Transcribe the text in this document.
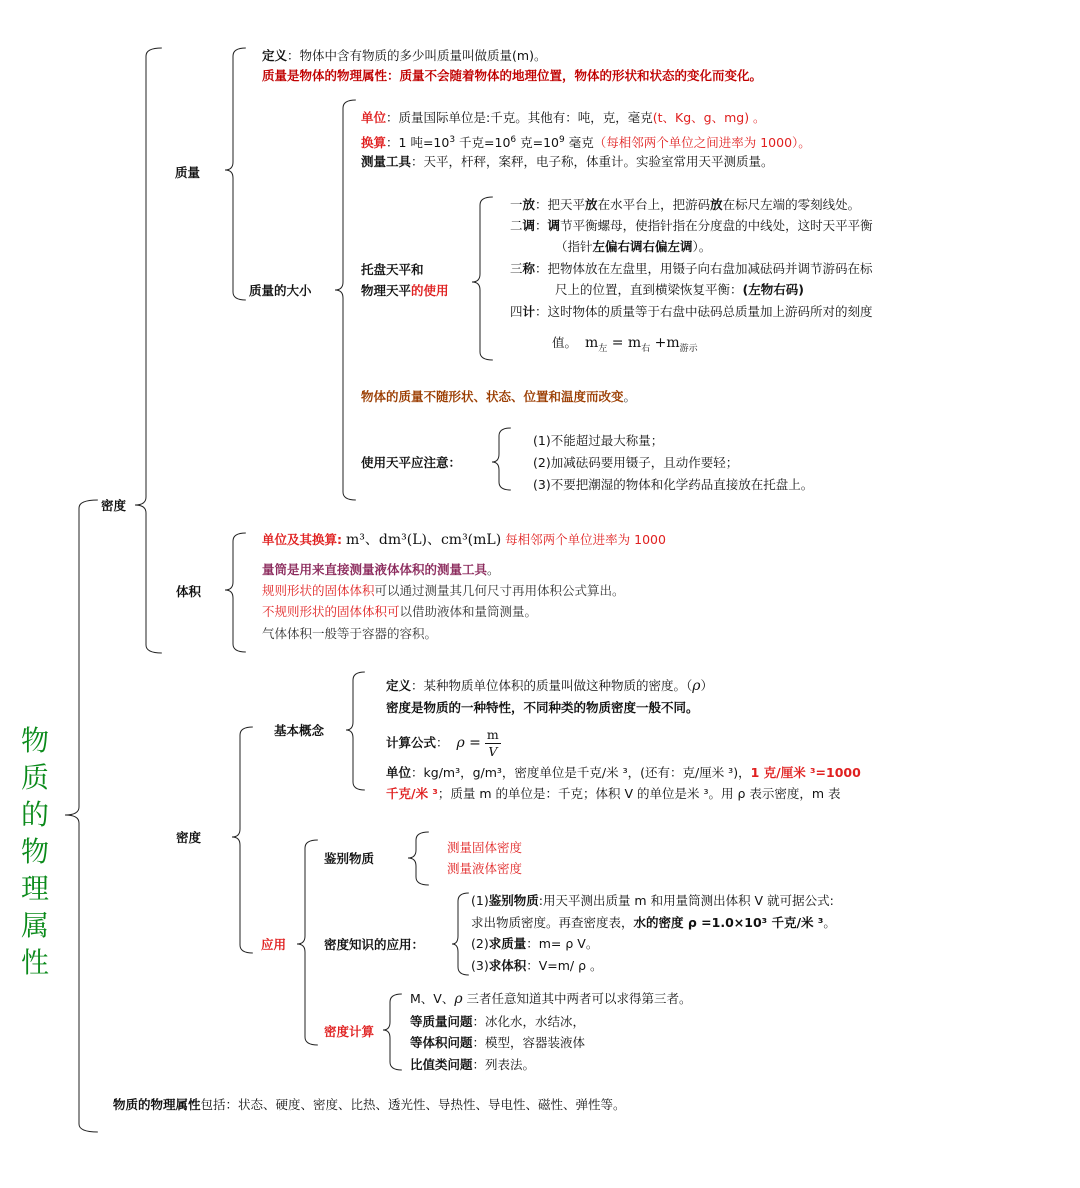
物质的物理属性
密度
质量
质量的大小
托盘天平和
物理天平的使用
使用天平应注意：
体积
密度
基本概念
应用
鉴别物质
密度知识的应用：
密度计算
定义：物体中含有物质的多少叫质量叫做质量(m)。
质量是物体的物理属性：质量不会随着物体的地理位置，物体的形状和状态的变化而变化。
单位：质量国际单位是:千克。其他有：吨，克，毫克(t、Kg、g、mg) 。
换算：1 吨$=10^3$ 千克$=10^6$ 克$=10^9$ 毫克（每相邻两个单位之间进率为 1000）。
测量工具：天平，杆秤，案秤，电子称，体重计。实验室常用天平测质量。
一放：把天平放在水平台上，把游码放在标尺左端的零刻线处。
二调：调节平衡螺母，使指针指在分度盘的中线处，这时天平平衡
（指针左偏右调右偏左调）。
三称：把物体放在左盘里，用镊子向右盘加减砝码并调节游码在标
尺上的位置，直到横梁恢复平衡：(左物右码)
四计：这时物体的质量等于右盘中砝码总质量加上游码所对的刻度
值。 $m_左 = m_右 +m_{游示}$
物体的质量不随形状、状态、位置和温度而改变。
(1)不能超过最大称量；
(2)加减砝码要用镊子，且动作要轻；
(3)不要把潮湿的物体和化学药品直接放在托盘上。
单位及其换算: m³、dm³(L)、cm³(mL) 每相邻两个单位进率为 1000
量筒是用来直接测量液体体积的测量工具。
规则形状的固体体积可以通过测量其几何尺寸再用体积公式算出。
不规则形状的固体体积可以借助液体和量筒测量。
气体体积一般等于容器的容积。
定义：某种物质单位体积的质量叫做这种物质的密度。（ρ）
密度是物质的一种特性，不同种类的物质密度一般不同。
计算公式： $\rho = \frac{m}{V}$
单位：kg/m³，g/m³，密度单位是千克/米 ³，(还有：克/厘米 ³)，1 克/厘米 ³=1000
千克/米 ³；质量 m 的单位是：千克；体积 V 的单位是米 ³。用 ρ 表示密度，m 表
测量固体密度
测量液体密度
(1)鉴别物质:用天平测出质量 m 和用量筒测出体积 V 就可据公式:
求出物质密度。再查密度表，水的密度 ρ =1.0×10³ 千克/米 ³。
(2)求质量：m= ρ V。
(3)求体积：V=m/ ρ 。
M、V、ρ 三者任意知道其中两者可以求得第三者。
等质量问题：冰化水，水结冰，
等体积问题：模型，容器装液体
比值类问题：列表法。
物质的物理属性包括：状态、硬度、密度、比热、透光性、导热性、导电性、磁性、弹性等。
